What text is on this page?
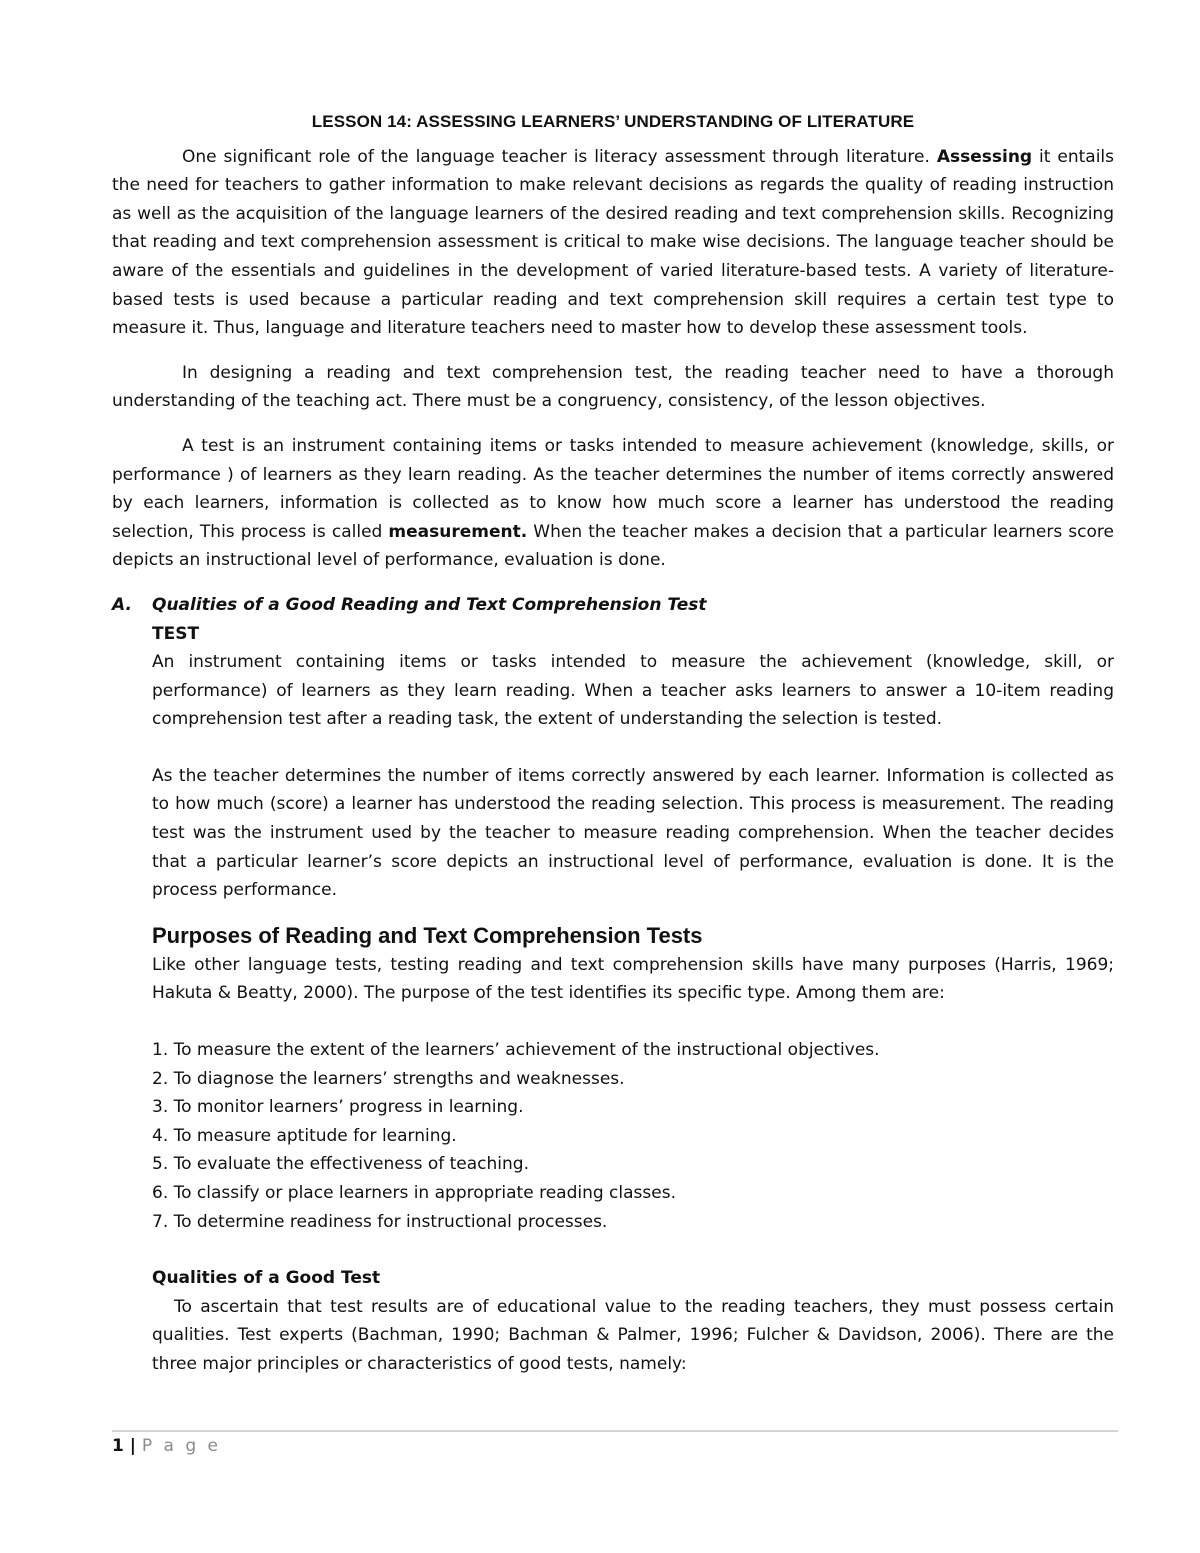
LESSON 14: ASSESSING LEARNERS’ UNDERSTANDING OF LITERATURE

One significant role of the language teacher is literacy assessment through literature. Assessing it entails the need for teachers to gather information to make relevant decisions as regards the quality of reading instruction as well as the acquisition of the language learners of the desired reading and text comprehension skills. Recognizing that reading and text comprehension assessment is critical to make wise decisions. The language teacher should be aware of the essentials and guidelines in the development of varied literature-based tests. A variety of literature-based tests is used because a particular reading and text comprehension skill requires a certain test type to measure it. Thus, language and literature teachers need to master how to develop these assessment tools.

In designing a reading and text comprehension test, the reading teacher need to have a thorough understanding of the teaching act. There must be a congruency, consistency, of the lesson objectives.

A test is an instrument containing items or tasks intended to measure achievement (knowledge, skills, or performance ) of learners as they learn reading. As the teacher determines the number of items correctly answered by each learners, information is collected as to know how much score a learner has understood the reading selection, This process is called measurement. When the teacher makes a decision that a particular learners score depicts an instructional level of performance, evaluation is done.

A.	Qualities of a Good Reading and Text Comprehension Test
TEST

An instrument containing items or tasks intended to measure the achievement (knowledge, skill, or performance) of learners as they learn reading. When a teacher asks learners to answer a 10-item reading comprehension test after a reading task, the extent of understanding the selection is tested.

As the teacher determines the number of items correctly answered by each learner. Information is collected as to how much (score) a learner has understood the reading selection. This process is measurement. The reading test was the instrument used by the teacher to measure reading comprehension. When the teacher decides that a particular learner’s score depicts an instructional level of performance, evaluation is done. It is the process performance.

Purposes of Reading and Text Comprehension Tests

Like other language tests, testing reading and text comprehension skills have many purposes (Harris, 1969; Hakuta & Beatty, 2000). The purpose of the test identifies its specific type. Among them are:

1. To measure the extent of the learners’ achievement of the instructional objectives.
2. To diagnose the learners’ strengths and weaknesses.
3. To monitor learners’ progress in learning.
4. To measure aptitude for learning.
5. To evaluate the effectiveness of teaching.
6. To classify or place learners in appropriate reading classes.
7. To determine readiness for instructional processes.
Qualities of a Good Test

To ascertain that test results are of educational value to the reading teachers, they must possess certain qualities. Test experts (Bachman, 1990; Bachman & Palmer, 1996; Fulcher & Davidson, 2006). There are the three major principles or characteristics of good tests, namely:

1 | P a g e
